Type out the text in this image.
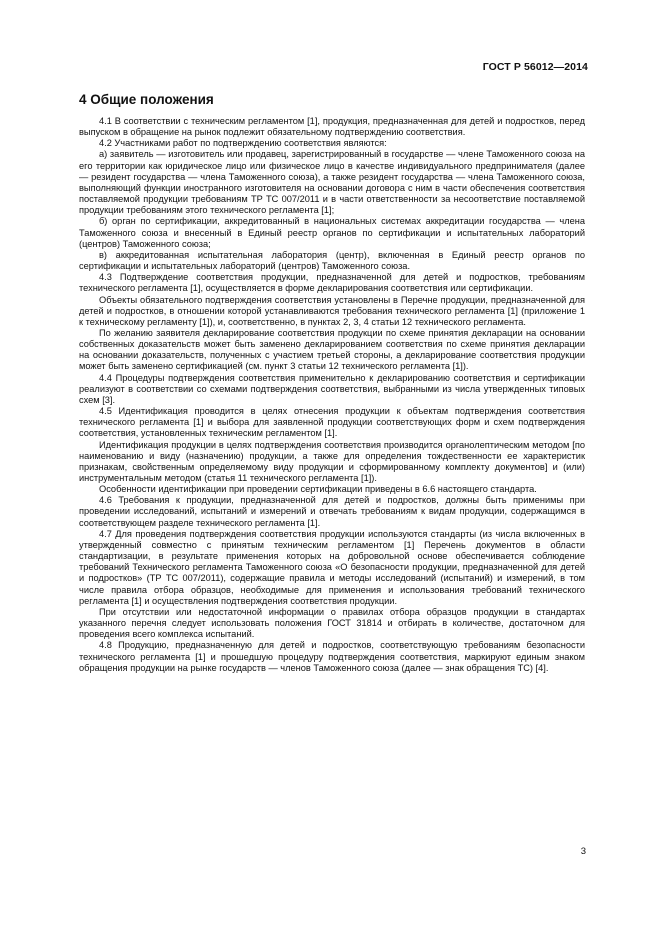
ГОСТ Р 56012—2014
4 Общие положения

4.1 В соответствии с техническим регламентом [1], продукция, предназначенная для детей и подростков, перед выпуском в обращение на рынок подлежит обязательному подтверждению соответствия.

4.2 Участниками работ по подтверждению соответствия являются:

а) заявитель — изготовитель или продавец, зарегистрированный в государстве — члене Таможенного союза на его территории как юридическое лицо или физическое лицо в качестве индивидуального предпринимателя (далее — резидент государства — члена Таможенного союза), а также резидент государства — члена Таможенного союза, выполняющий функции иностранного изготовителя на основании договора с ним в части обеспечения соответствия поставляемой продукции требованиям ТР ТС 007/2011 и в части ответственности за несоответствие поставляемой продукции требованиям этого технического регламента [1];

б) орган по сертификации, аккредитованный в национальных системах аккредитации государства — члена Таможенного союза и внесенный в Единый реестр органов по сертификации и испытательных лабораторий (центров) Таможенного союза;

в) аккредитованная испытательная лаборатория (центр), включенная в Единый реестр органов по сертификации и испытательных лабораторий (центров) Таможенного союза.

4.3 Подтверждение соответствия продукции, предназначенной для детей и подростков, требованиям технического регламента [1], осуществляется в форме декларирования соответствия или сертификации.

Объекты обязательного подтверждения соответствия установлены в Перечне продукции, предназначенной для детей и подростков, в отношении которой устанавливаются требования технического регламента [1] (приложение 1 к техническому регламенту [1]), и, соответственно, в пунктах 2, 3, 4 статьи 12 технического регламента.

По желанию заявителя декларирование соответствия продукции по схеме принятия декларации на основании собственных доказательств может быть заменено декларированием соответствия по схеме принятия декларации на основании доказательств, полученных с участием третьей стороны, а декларирование соответствия продукции может быть заменено сертификацией (см. пункт 3 статьи 12 технического регламента [1]).

4.4 Процедуры подтверждения соответствия применительно к декларированию соответствия и сертификации реализуют в соответствии со схемами подтверждения соответствия, выбранными из числа утвержденных типовых схем [3].

4.5 Идентификация проводится в целях отнесения продукции к объектам подтверждения соответствия технического регламента [1] и выбора для заявленной продукции соответствующих форм и схем подтверждения соответствия, установленных техническим регламентом [1].

Идентификация продукции в целях подтверждения соответствия производится органолептическим методом [по наименованию и виду (назначению) продукции, а также для определения тождественности ее характеристик признакам, свойственным определяемому виду продукции и сформированному комплекту документов] и (или) инструментальным методом (статья 11 технического регламента [1]).

Особенности идентификации при проведении сертификации приведены в 6.6 настоящего стандарта.

4.6 Требования к продукции, предназначенной для детей и подростков, должны быть применимы при проведении исследований, испытаний и измерений и отвечать требованиям к видам продукции, содержащимся в соответствующем разделе технического регламента [1].

4.7 Для проведения подтверждения соответствия продукции используются стандарты (из числа включенных в утвержденный совместно с принятым техническим регламентом [1] Перечень документов в области стандартизации, в результате применения которых на добровольной основе обеспечивается соблюдение требований Технического регламента Таможенного союза «О безопасности продукции, предназначенной для детей и подростков» (ТР ТС 007/2011), содержащие правила и методы исследований (испытаний) и измерений, в том числе правила отбора образцов, необходимые для применения и использования требований технического регламента [1] и осуществления подтверждения соответствия продукции.

При отсутствии или недостаточной информации о правилах отбора образцов продукции в стандартах указанного перечня следует использовать положения ГОСТ 31814 и отбирать в количестве, достаточном для проведения всего комплекса испытаний.

4.8 Продукцию, предназначенную для детей и подростков, соответствующую требованиям безопасности технического регламента [1] и прошедшую процедуру подтверждения соответствия, маркируют единым знаком обращения продукции на рынке государств — членов Таможенного союза (далее — знак обращения ТС) [4].

3
